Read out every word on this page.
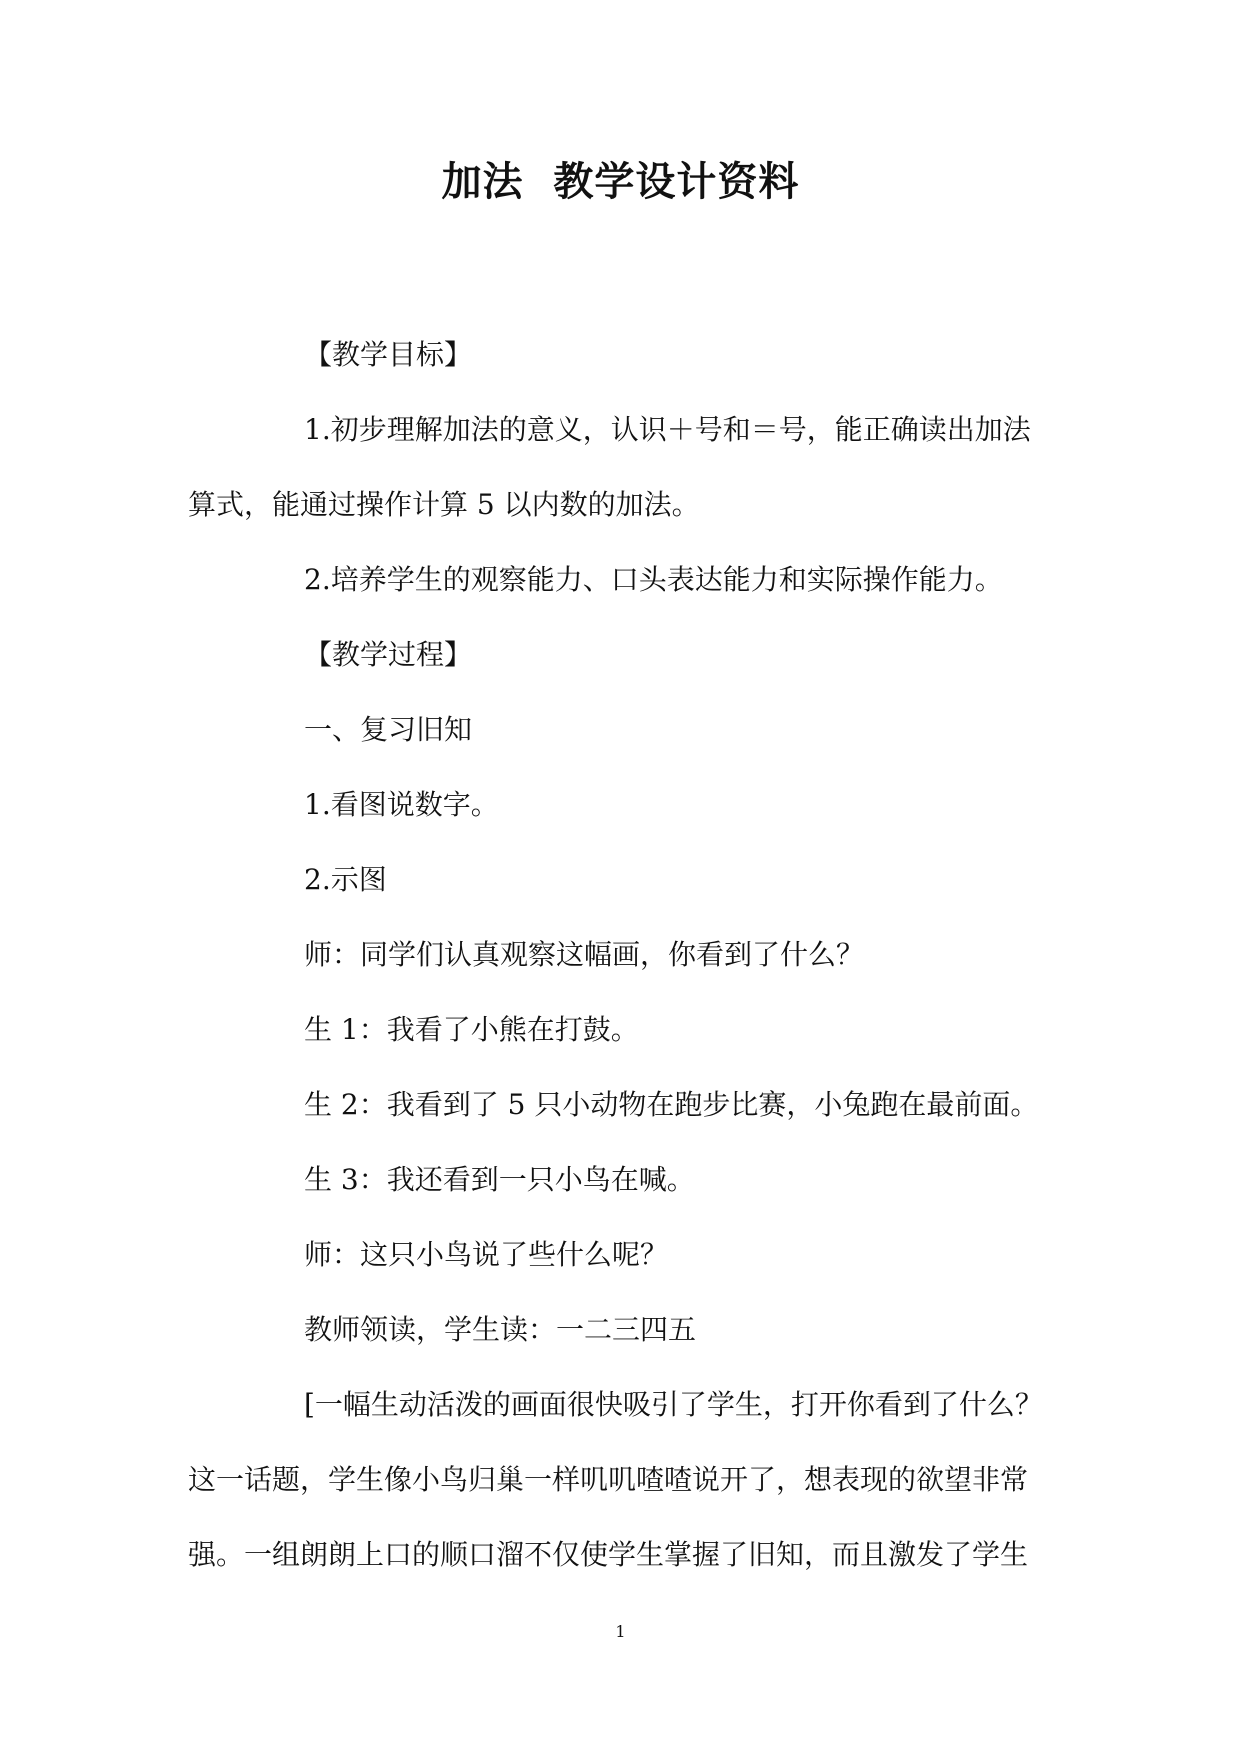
加法  教学设计资料
【教学目标】
1.初步理解加法的意义，认识＋号和＝号，能正确读出加法
算式，能通过操作计算 5 以内数的加法。
2.培养学生的观察能力、口头表达能力和实际操作能力。
【教学过程】
一、复习旧知
1.看图说数字。
2.示图
师：同学们认真观察这幅画，你看到了什么？
生 1：我看了小熊在打鼓。
生 2：我看到了 5 只小动物在跑步比赛，小兔跑在最前面。
生 3：我还看到一只小鸟在喊。
师：这只小鸟说了些什么呢？
教师领读，学生读：一二三四五
[一幅生动活泼的画面很快吸引了学生，打开你看到了什么？
这一话题，学生像小鸟归巢一样叽叽喳喳说开了，想表现的欲望非常
强。一组朗朗上口的顺口溜不仅使学生掌握了旧知，而且激发了学生
1
